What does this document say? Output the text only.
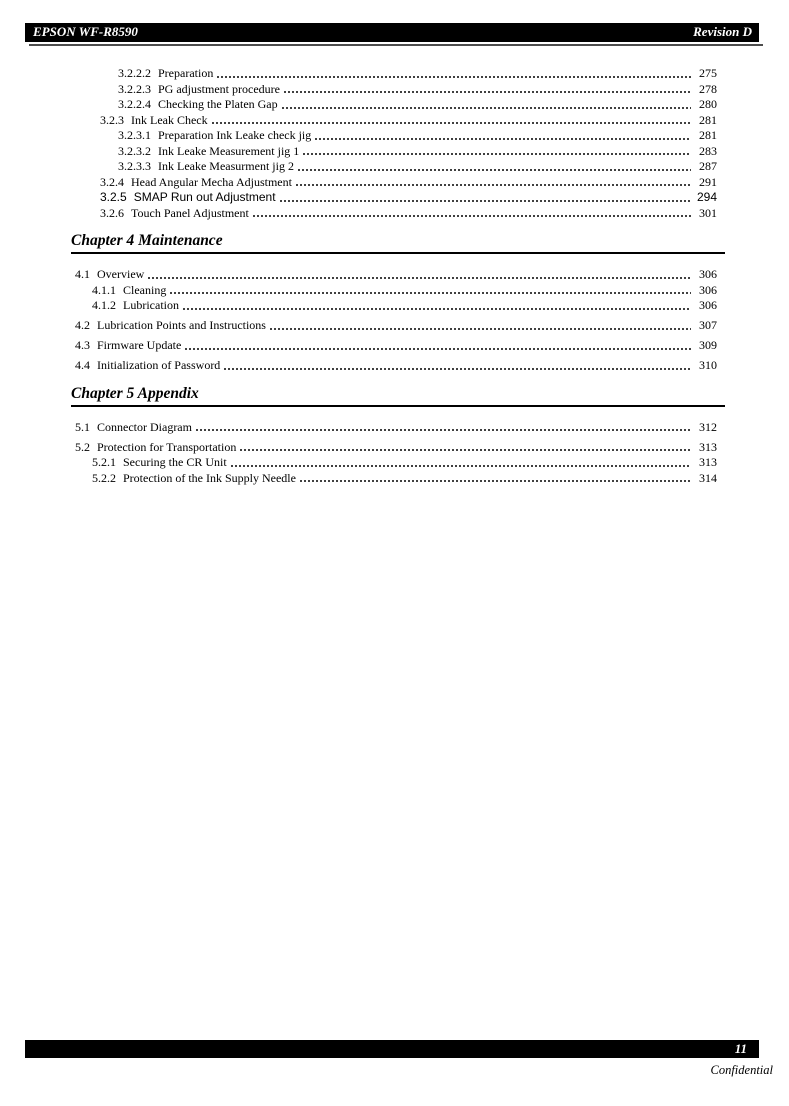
EPSON WF-R8590	Revision D
3.2.2.2 Preparation	275
3.2.2.3 PG adjustment procedure	278
3.2.2.4 Checking the Platen Gap	280
3.2.3 Ink Leak Check	281
3.2.3.1 Preparation Ink Leake check jig	281
3.2.3.2 Ink Leake Measurement jig 1	283
3.2.3.3 Ink Leake Measurment jig 2	287
3.2.4 Head Angular Mecha Adjustment	291
3.2.5 SMAP Run out Adjustment	294
3.2.6 Touch Panel Adjustment	301
Chapter 4 Maintenance
4.1 Overview	306
4.1.1 Cleaning	306
4.1.2 Lubrication	306
4.2 Lubrication Points and Instructions	307
4.3 Firmware Update	309
4.4 Initialization of Password	310
Chapter 5 Appendix
5.1 Connector Diagram	312
5.2 Protection for Transportation	313
5.2.1 Securing the CR Unit	313
5.2.2 Protection of the Ink Supply Needle	314
11
Confidential
